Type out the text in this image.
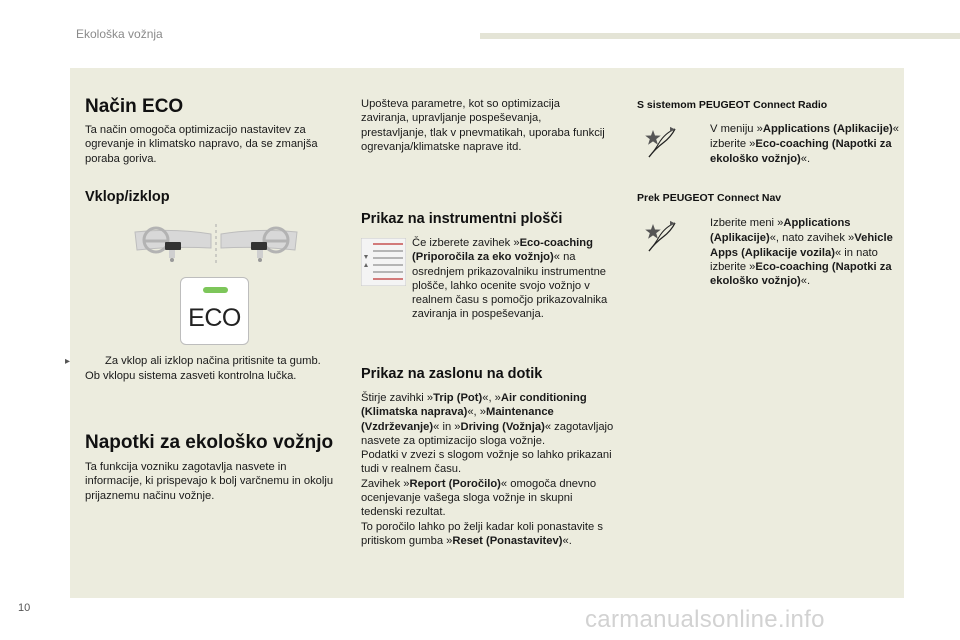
Ekološka vožnja
Način ECO
Ta način omogoča optimizacijo nastavitev za ogrevanje in klimatsko napravo, da se zmanjša poraba goriva.
Vklop/izklop
ECO
▸	Za vklop ali izklop načina pritisnite ta gumb.
Ob vklopu sistema zasveti kontrolna lučka.
Napotki za ekološko vožnjo
Ta funkcija vozniku zagotavlja nasvete in informacije, ki prispevajo k bolj varčnemu in okolju prijaznemu načinu vožnje.
Upošteva parametre, kot so optimizacija zaviranja, upravljanje pospeševanja, prestavljanje, tlak v pnevmatikah, uporaba funkcij ogrevanja/klimatske naprave itd.
Prikaz na instrumentni plošči
Če izberete zavihek »Eco-coaching (Priporočila za eko vožnjo)« na osrednjem prikazovalniku instrumentne plošče, lahko ocenite svojo vožnjo v realnem času s pomočjo prikazovalnika zaviranja in pospeševanja.
Prikaz na zaslonu na dotik
Štirje zavihki »Trip (Pot)«, »Air conditioning (Klimatska naprava)«, »Maintenance (Vzdrževanje)« in »Driving (Vožnja)« zagotavljajo nasvete za optimizacijo sloga vožnje.
Podatki v zvezi s slogom vožnje so lahko prikazani tudi v realnem času.
Zavihek »Report (Poročilo)« omogoča dnevno ocenjevanje vašega sloga vožnje in skupni tedenski rezultat.
To poročilo lahko po želji kadar koli ponastavite s pritiskom gumba »Reset (Ponastavitev)«.
S sistemom PEUGEOT Connect Radio
▸	V meniju »Applications (Aplikacije)« izberite »Eco-coaching (Napotki za ekološko vožnjo)«.
Prek PEUGEOT Connect Nav
▸	Izberite meni »Applications (Aplikacije)«, nato zavihek »Vehicle Apps (Aplikacije vozila)« in nato izberite »Eco-coaching (Napotki za ekološko vožnjo)«.
10	carmanualsonline.info
